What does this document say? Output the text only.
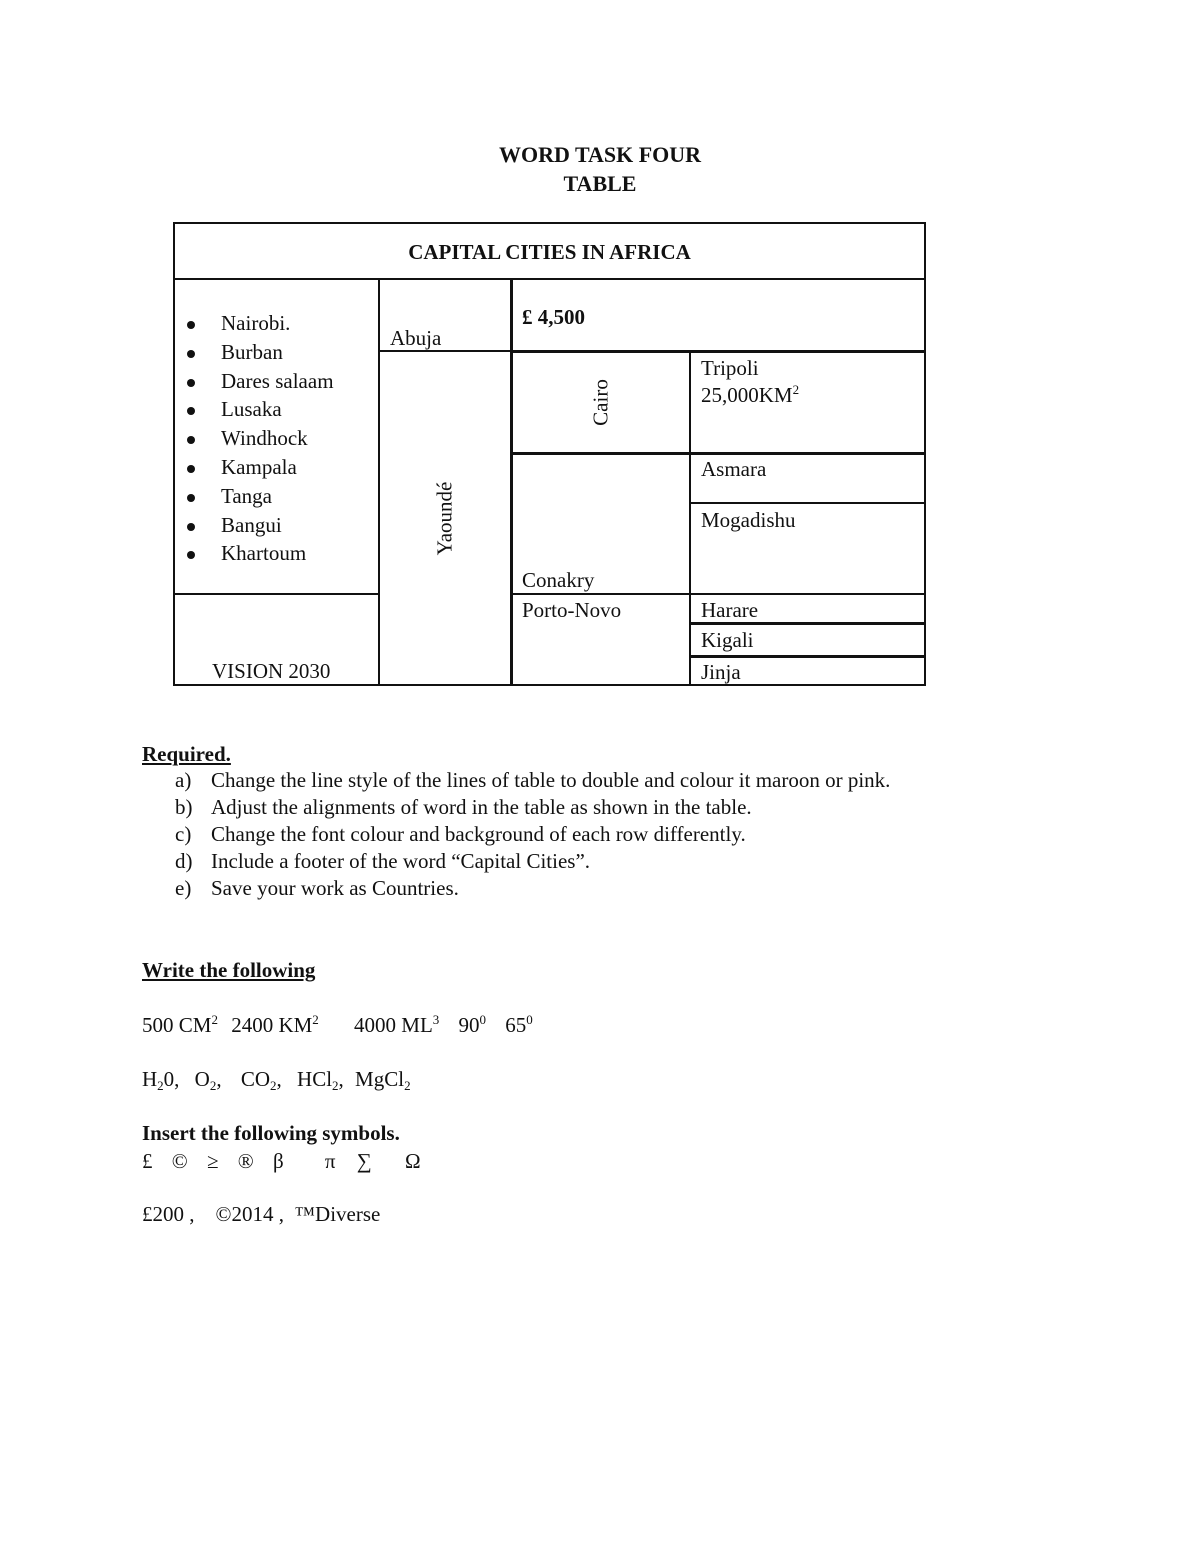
WORD TASK FOUR
TABLE
CAPITAL CITIES IN AFRICA
Nairobi.
Burban
Dares salaam
Lusaka
Windhock
Kampala
Tanga
Bangui
Khartoum
VISION 2030
Abuja
Yaoundé
£ 4,500
Cairo
Tripoli
$25,000KM^2$
Asmara
Mogadishu
Conakry
Porto-Novo	Harare
Kigali
Jinja
Required.
a) Change the line style of the lines of table to double and colour it maroon or pink.
b) Adjust the alignments of word in the table as shown in the table.
c) Change the font colour and background of each row differently.
d) Include a footer of the word “Capital Cities”.
e) Save your work as Countries.
Write the following
500 $CM^2$ 2400 $KM^2$ 4000 $ML^3$ $90^0$ $65^0$
$H_20$, $O_2$, $CO_2$, HCl$_2$, MgCl$_2$
Insert the following symbols.
£ © ≥ ® β π ∑ Ω
£200 ,    ©2014 ,  ™Diverse
